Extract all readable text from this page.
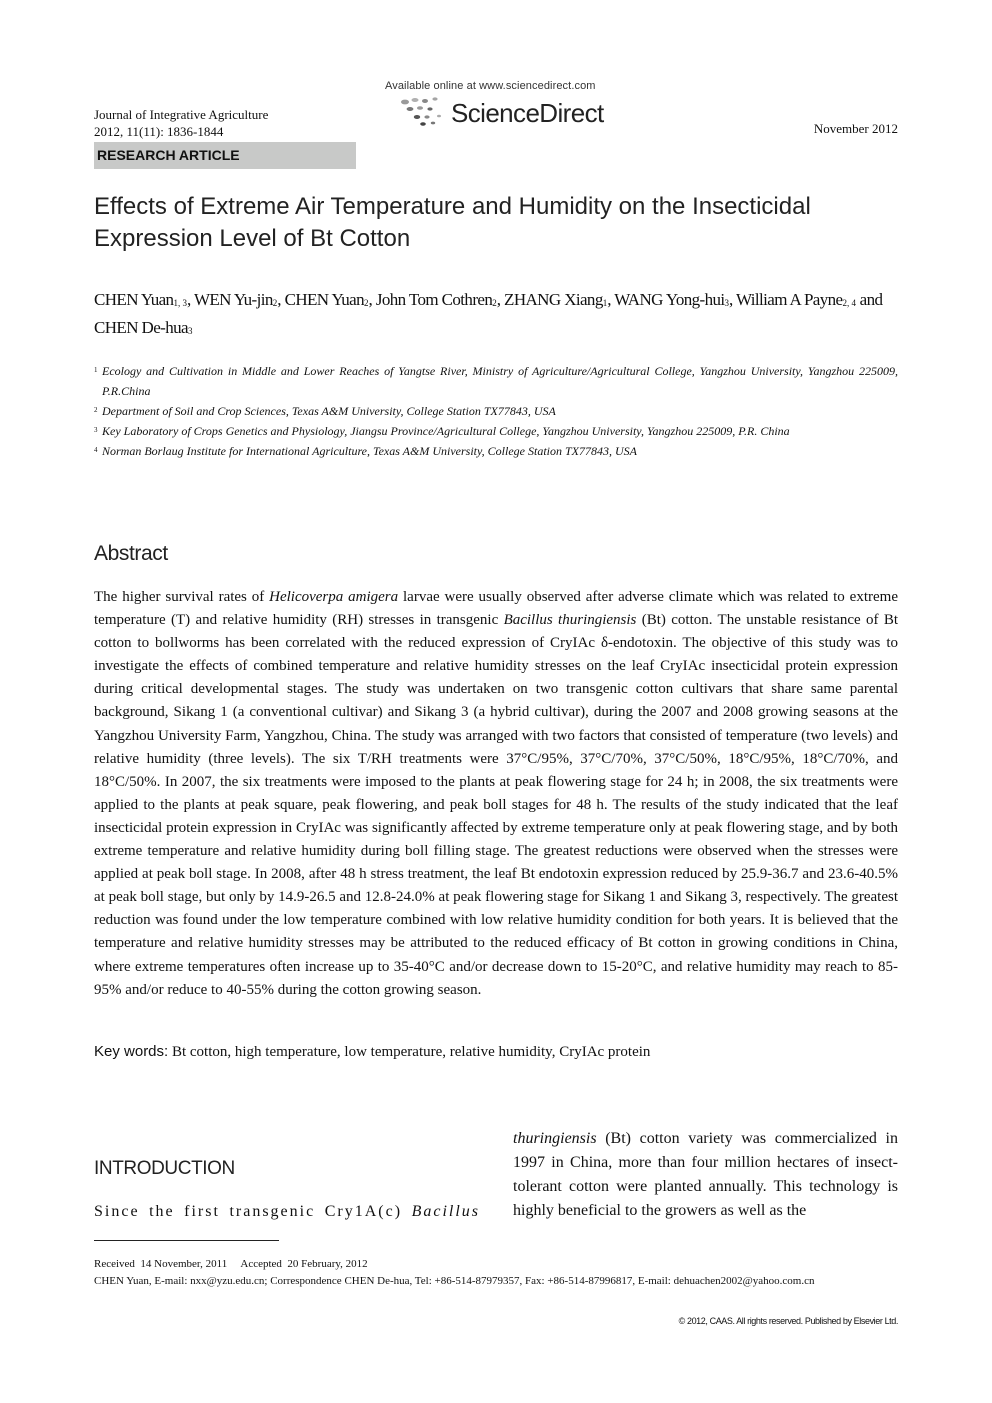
Journal of Integrative Agriculture
2012, 11(11): 1836-1844
Available online at www.sciencedirect.com
ScienceDirect
November 2012
RESEARCH ARTICLE
Effects of Extreme Air Temperature and Humidity on the Insecticidal Expression Level of Bt Cotton
CHEN Yuan$^{1, 3}$, WEN Yu-jin$^2$, CHEN Yuan$^2$, John Tom Cothren$^2$, ZHANG Xiang$^1$, WANG Yong-hui$^3$, William A Payne$^{2, 4}$ and CHEN De-hua$^3$
1 Ecology and Cultivation in Middle and Lower Reaches of Yangtse River, Ministry of Agriculture/Agricultural College, Yangzhou University, Yangzhou 225009, P.R.China
2 Department of Soil and Crop Sciences, Texas A&M University, College Station TX77843, USA
3 Key Laboratory of Crops Genetics and Physiology, Jiangsu Province/Agricultural College, Yangzhou University, Yangzhou 225009, P.R. China
4 Norman Borlaug Institute for International Agriculture, Texas A&M University, College Station TX77843, USA
Abstract
The higher survival rates of Helicoverpa amigera larvae were usually observed after adverse climate which was related to extreme temperature (T) and relative humidity (RH) stresses in transgenic Bacillus thuringiensis (Bt) cotton. The unstable resistance of Bt cotton to bollworms has been correlated with the reduced expression of CryIAc δ-endotoxin. The objective of this study was to investigate the effects of combined temperature and relative humidity stresses on the leaf CryIAc insecticidal protein expression during critical developmental stages. The study was undertaken on two transgenic cotton cultivars that share same parental background, Sikang 1 (a conventional cultivar) and Sikang 3 (a hybrid cultivar), during the 2007 and 2008 growing seasons at the Yangzhou University Farm, Yangzhou, China. The study was arranged with two factors that consisted of temperature (two levels) and relative humidity (three levels). The six T/RH treatments were 37°C/95%, 37°C/70%, 37°C/50%, 18°C/95%, 18°C/70%, and 18°C/50%. In 2007, the six treatments were imposed to the plants at peak flowering stage for 24 h; in 2008, the six treatments were applied to the plants at peak square, peak flowering, and peak boll stages for 48 h. The results of the study indicated that the leaf insecticidal protein expression in CryIAc was significantly affected by extreme temperature only at peak flowering stage, and by both extreme temperature and relative humidity during boll filling stage. The greatest reductions were observed when the stresses were applied at peak boll stage. In 2008, after 48 h stress treatment, the leaf Bt endotoxin expression reduced by 25.9-36.7 and 23.6-40.5% at peak boll stage, but only by 14.9-26.5 and 12.8-24.0% at peak flowering stage for Sikang 1 and Sikang 3, respectively. The greatest reduction was found under the low temperature combined with low relative humidity condition for both years. It is believed that the temperature and relative humidity stresses may be attributed to the reduced efficacy of Bt cotton in growing conditions in China, where extreme temperatures often increase up to 35-40°C and/or decrease down to 15-20°C, and relative humidity may reach to 85-95% and/or reduce to 40-55% during the cotton growing season.
Key words: Bt cotton, high temperature, low temperature, relative humidity, CryIAc protein
INTRODUCTION
Since the first transgenic Cry1A(c) Bacillus
thuringiensis (Bt) cotton variety was commercialized in 1997 in China, more than four million hectares of insect-tolerant cotton were planted annually. This technology is highly beneficial to the growers as well as the
Received  14 November, 2011     Accepted  20 February, 2012
CHEN Yuan, E-mail: nxx@yzu.edu.cn; Correspondence CHEN De-hua, Tel: +86-514-87979357, Fax: +86-514-87996817, E-mail: dehuachen2002@yahoo.com.cn
© 2012, CAAS. All rights reserved. Published by Elsevier Ltd.
